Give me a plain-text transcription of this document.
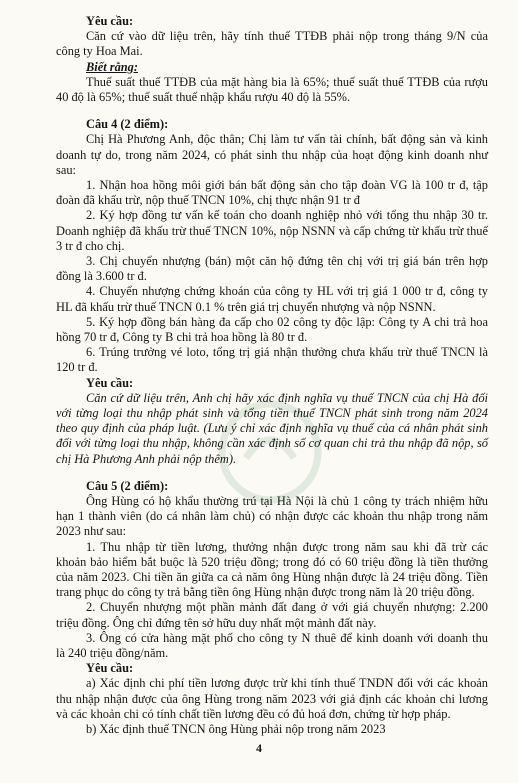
Yêu cầu:
Căn cứ vào dữ liệu trên, hãy tính thuế TTĐB phải nộp trong tháng 9/N của
công ty Hoa Mai.
Biết rằng:
Thuế suất thuế TTĐB của mặt hàng bia là 65%; thuế suất thuế TTĐB của rượu
40 độ là 65%; thuế suất thuế nhập khẩu rượu 40 độ là 55%.
Câu 4 (2 điểm):
Chị Hà Phương Anh, độc thân; Chị làm tư vấn tài chính, bất động sản và kinh
doanh tự do, trong năm 2024, có phát sinh thu nhập của hoạt động kinh doanh như
sau:
1. Nhận hoa hồng môi giới bán bất động sản cho tập đoàn VG là 100 tr đ, tập
đoàn đã khấu trừ, nộp thuế TNCN 10%, chị thực nhận 91 tr đ
2. Ký hợp đồng tư vấn kế toán cho doanh nghiệp nhỏ với tổng thu nhập 30 tr.
Doanh nghiệp đã khấu trừ thuế TNCN 10%, nộp NSNN và cấp chứng từ khấu trừ thuế
3 tr đ cho chị.
3. Chị chuyển nhượng (bán) một căn hộ đứng tên chị với trị giá bán trên hợp
đồng là 3.600 tr đ.
4. Chuyển nhượng chứng khoán của công ty HL với trị giá 1 000 tr đ, công ty
HL đã khấu trừ thuế TNCN 0.1 % trên giá trị chuyển nhượng và nộp NSNN.
5. Ký hợp đồng bán hàng đa cấp cho 02 công ty độc lập: Công ty A chi trả hoa
hồng 70 tr đ, Công ty B chi trả hoa hồng là 80 tr đ.
6. Trúng trưởng vé loto, tổng trị giá nhận thưởng chưa khấu trừ thuế TNCN là
120 tr đ.
Yêu cầu:
Căn cứ dữ liệu trên, Anh chị hãy xác định nghĩa vụ thuế TNCN của chị Hà đối
với từng loại thu nhập phát sinh và tổng tiền thuế TNCN phát sinh trong năm 2024
theo quy định của pháp luật. (Lưu ý chỉ xác định nghĩa vụ thuế của cá nhân phát sinh
đối với từng loại thu nhập, không cần xác định số cơ quan chi trả thu nhập đã nộp, số
chị Hà Phương Anh phải nộp thêm).
Câu 5 (2 điểm):
Ông Hùng có hộ khẩu thường trú tại Hà Nội là chủ 1 công ty trách nhiệm hữu
hạn 1 thành viên (do cá nhân làm chủ) có nhận được các khoản thu nhập trong năm
2023 như sau:
1. Thu nhập từ tiền lương, thưởng nhận được trong năm sau khi đã trừ các
khoản bảo hiểm bắt buộc là 520 triệu đồng; trong đó có 60 triệu đồng là tiền thưởng
của năm 2023. Chi tiền ăn giữa ca cả năm ông Hùng nhận được là 24 triệu đồng. Tiền
trang phục do công ty trả bằng tiền ông Hùng nhận được trong năm là 20 triệu đồng.
2. Chuyển nhượng một phần mảnh đất đang ở với giá chuyển nhượng: 2.200
triệu đồng. Ông chỉ đứng tên sở hữu duy nhất một mảnh đất này.
3. Ông có cửa hàng mặt phố cho công ty N thuê để kinh doanh với doanh thu
là 240 triệu đồng/năm.
Yêu cầu:
a) Xác định chi phí tiền lương được trừ khi tính thuế TNDN đối với các khoản
thu nhập nhận được của ông Hùng trong năm 2023 với giả định các khoản chi lương
và các khoản chi có tính chất tiền lương đều có đủ hoá đơn, chứng từ hợp pháp.
b) Xác định thuế TNCN ông Hùng phải nộp trong năm 2023
4
